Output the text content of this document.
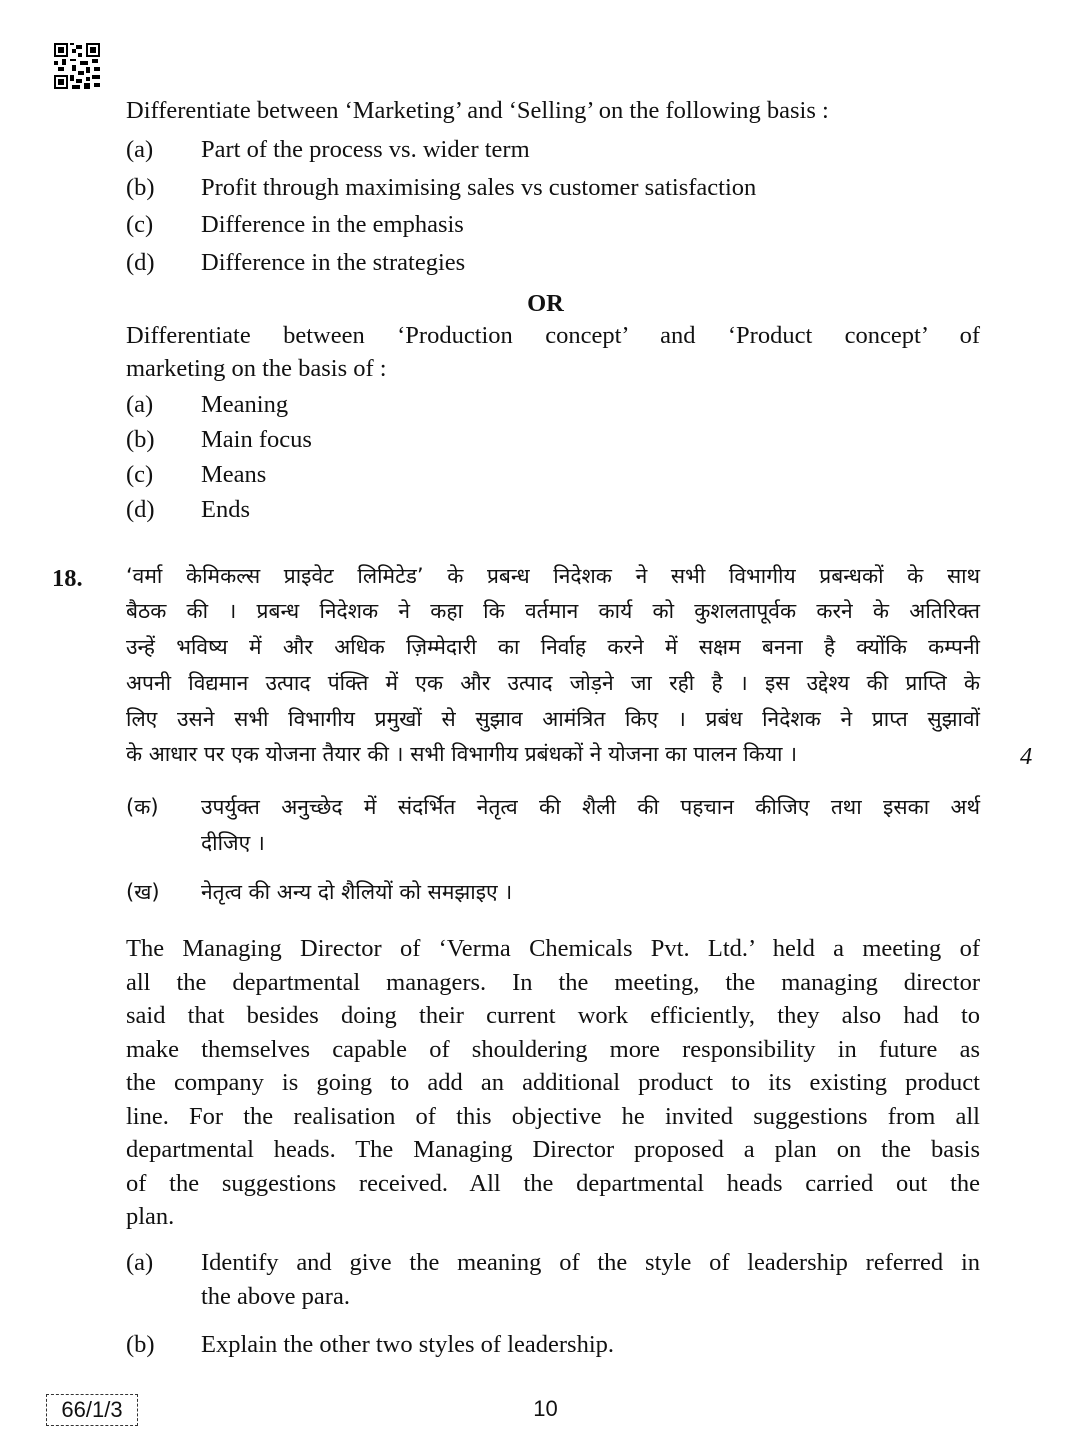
Differentiate between ‘Marketing’ and ‘Selling’ on the following basis :
(a) Part of the process vs. wider term
(b) Profit through maximising sales vs customer satisfaction
(c) Difference in the emphasis
(d) Difference in the strategies
OR
Differentiate between ‘Production concept’ and ‘Product concept’ of
marketing on the basis of :
(a) Meaning
(b) Main focus
(c) Means
(d) Ends
18. ‘वर्मा केमिकल्स प्राइवेट लिमिटेड’ के प्रबन्ध निदेशक ने सभी विभागीय प्रबन्धकों के साथ
बैठक की । प्रबन्ध निदेशक ने कहा कि वर्तमान कार्य को कुशलतापूर्वक करने के अतिरिक्त
उन्हें भविष्य में और अधिक ज़िम्मेदारी का निर्वाह करने में सक्षम बनना है क्योंकि कम्पनी
अपनी विद्यमान उत्पाद पंक्ति में एक और उत्पाद जोड़ने जा रही है । इस उद्देश्य की प्राप्ति के
लिए उसने सभी विभागीय प्रमुखों से सुझाव आमंत्रित किए । प्रबंध निदेशक ने प्राप्त सुझावों
के आधार पर एक योजना तैयार की । सभी विभागीय प्रबंधकों ने योजना का पालन किया ।	4
(क) उपर्युक्त अनुच्छेद में संदर्भित नेतृत्व की शैली की पहचान कीजिए तथा इसका अर्थ
दीजिए ।
(ख) नेतृत्व की अन्य दो शैलियों को समझाइए ।
The Managing Director of ‘Verma Chemicals Pvt. Ltd.’ held a meeting of
all the departmental managers. In the meeting, the managing director
said that besides doing their current work efficiently, they also had to
make themselves capable of shouldering more responsibility in future as
the company is going to add an additional product to its existing product
line. For the realisation of this objective he invited suggestions from all
departmental heads. The Managing Director proposed a plan on the basis
of the suggestions received. All the departmental heads carried out the
plan.
(a) Identify and give the meaning of the style of leadership referred in
the above para.
(b) Explain the other two styles of leadership.
66/1/3	10
